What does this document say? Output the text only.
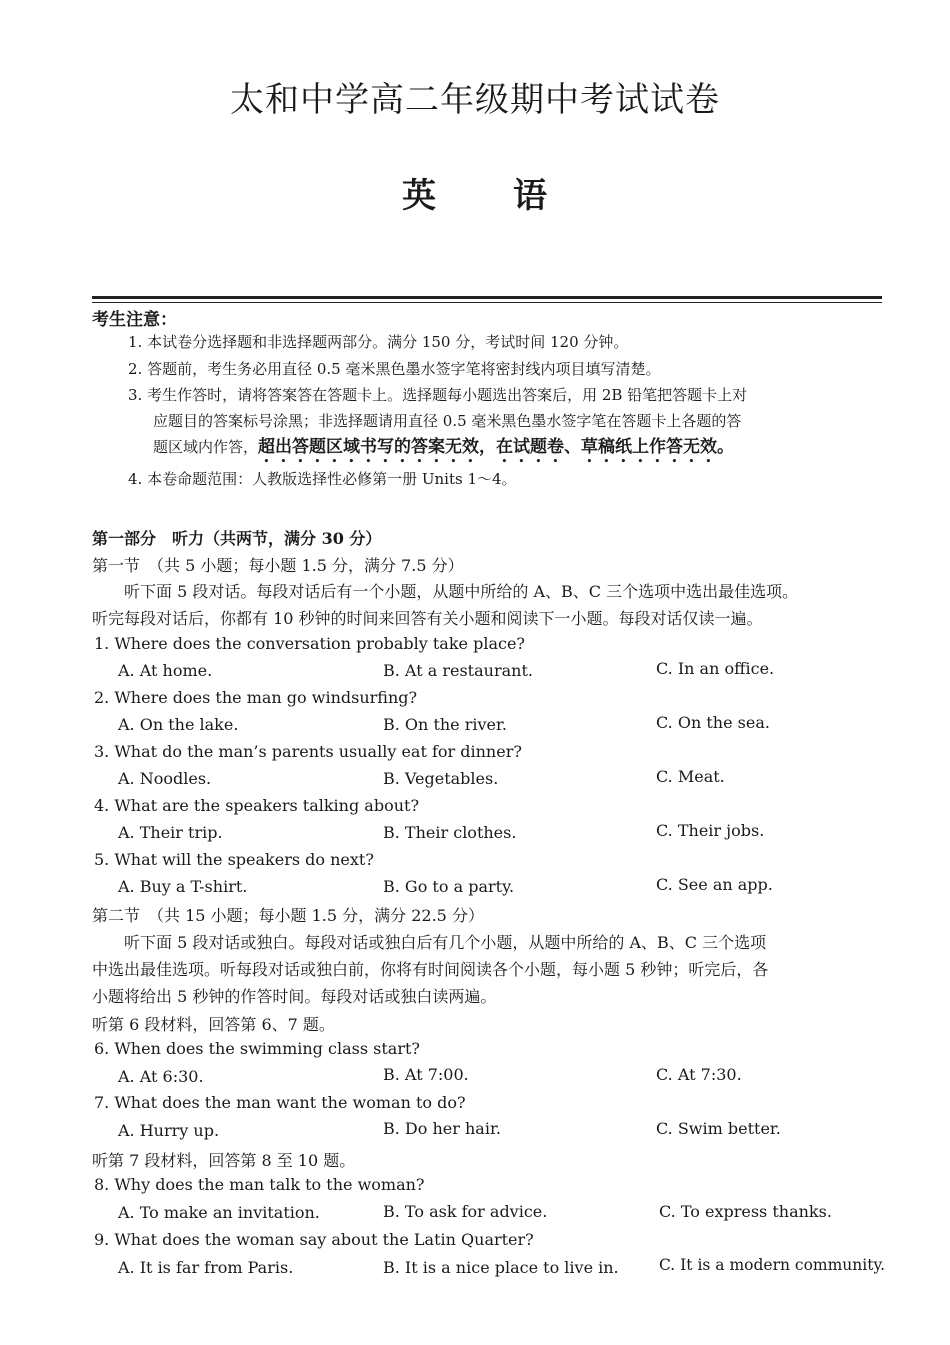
太和中学高二年级期中考试试卷
英 语
考生注意：
1. 本试卷分选择题和非选择题两部分。满分 150 分，考试时间 120 分钟。
2. 答题前，考生务必用直径 0.5 毫米黑色墨水签字笔将密封线内项目填写清楚。
3. 考生作答时，请将答案答在答题卡上。选择题每小题选出答案后，用 2B 铅笔把答题卡上对
应题目的答案标号涂黑；非选择题请用直径 0.5 毫米黑色墨水签字笔在答题卡上各题的答
题区域内作答，超出答题区域书写的答案无效，在试题卷、草稿纸上作答无效。
4. 本卷命题范围：人教版选择性必修第一册 Units 1～4。
第一部分　听力（共两节，满分 30 分）
第一节　（共 5 小题；每小题 1.5 分，满分 7.5 分）
听下面 5 段对话。每段对话后有一个小题，从题中所给的 A、B、C 三个选项中选出最佳选项。
听完每段对话后，你都有 10 秒钟的时间来回答有关小题和阅读下一小题。每段对话仅读一遍。
1. Where does the conversation probably take place?
A. At home.	B. At a restaurant.	C. In an office.
2. Where does the man go windsurfing?
A. On the lake.	B. On the river.	C. On the sea.
3. What do the man’s parents usually eat for dinner?
A. Noodles.	B. Vegetables.	C. Meat.
4. What are the speakers talking about?
A. Their trip.	B. Their clothes.	C. Their jobs.
5. What will the speakers do next?
A. Buy a T-shirt.	B. Go to a party.	C. See an app.
第二节　（共 15 小题；每小题 1.5 分，满分 22.5 分）
听下面 5 段对话或独白。每段对话或独白后有几个小题，从题中所给的 A、B、C 三个选项
中选出最佳选项。听每段对话或独白前，你将有时间阅读各个小题，每小题 5 秒钟；听完后，各
小题将给出 5 秒钟的作答时间。每段对话或独白读两遍。
听第 6 段材料，回答第 6、7 题。
6. When does the swimming class start?
A. At 6:30.	B. At 7:00.	C. At 7:30.
7. What does the man want the woman to do?
A. Hurry up.	B. Do her hair.	C. Swim better.
听第 7 段材料，回答第 8 至 10 题。
8. Why does the man talk to the woman?
A. To make an invitation.	B. To ask for advice.	C. To express thanks.
9. What does the woman say about the Latin Quarter?
A. It is far from Paris.	B. It is a nice place to live in.	C. It is a modern community.
